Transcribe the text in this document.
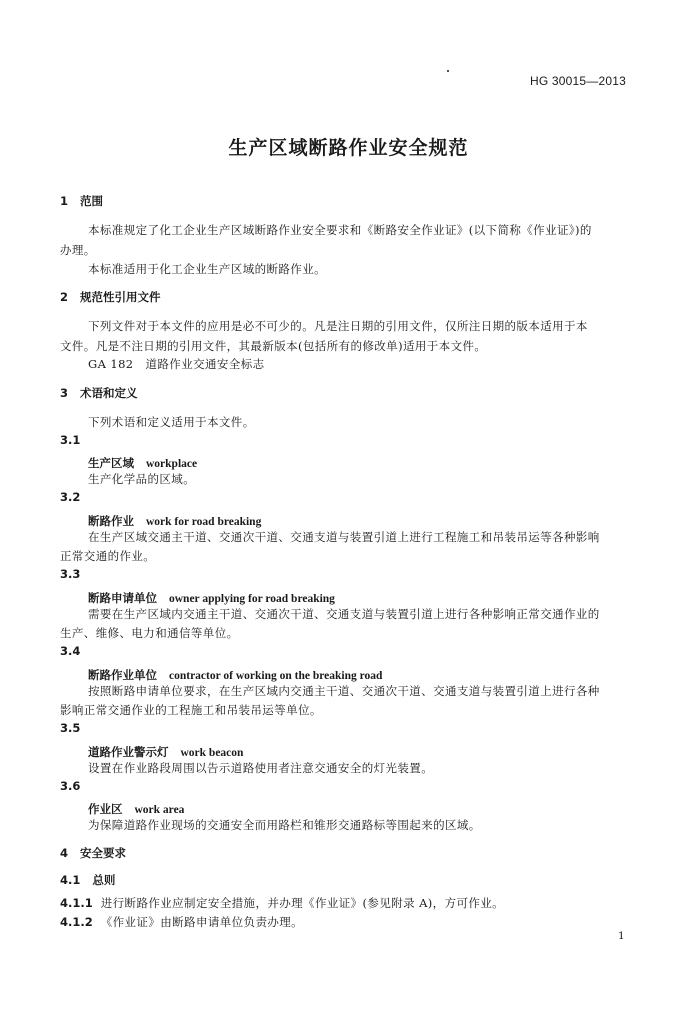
HG 30015—2013
生产区域断路作业安全规范
1 范围
本标准规定了化工企业生产区域断路作业安全要求和《断路安全作业证》(以下简称《作业证》)的
办理。
本标准适用于化工企业生产区域的断路作业。
2 规范性引用文件
下列文件对于本文件的应用是必不可少的。凡是注日期的引用文件，仅所注日期的版本适用于本
文件。凡是不注日期的引用文件，其最新版本(包括所有的修改单)适用于本文件。
GA 182 道路作业交通安全标志
3 术语和定义
下列术语和定义适用于本文件。
3.1
生产区域 workplace
生产化学品的区域。
3.2
断路作业 work for road breaking
在生产区域交通主干道、交通次干道、交通支道与装置引道上进行工程施工和吊装吊运等各种影响
正常交通的作业。
3.3
断路申请单位 owner applying for road breaking
需要在生产区域内交通主干道、交通次干道、交通支道与装置引道上进行各种影响正常交通作业的
生产、维修、电力和通信等单位。
3.4
断路作业单位 contractor of working on the breaking road
按照断路申请单位要求，在生产区域内交通主干道、交通次干道、交通支道与装置引道上进行各种
影响正常交通作业的工程施工和吊装吊运等单位。
3.5
道路作业警示灯 work beacon
设置在作业路段周围以告示道路使用者注意交通安全的灯光装置。
3.6
作业区 work area
为保障道路作业现场的交通安全而用路栏和锥形交通路标等围起来的区域。
4 安全要求
4.1 总则
4.1.1 进行断路作业应制定安全措施，并办理《作业证》(参见附录 A)，方可作业。
4.1.2 《作业证》由断路申请单位负责办理。
1
